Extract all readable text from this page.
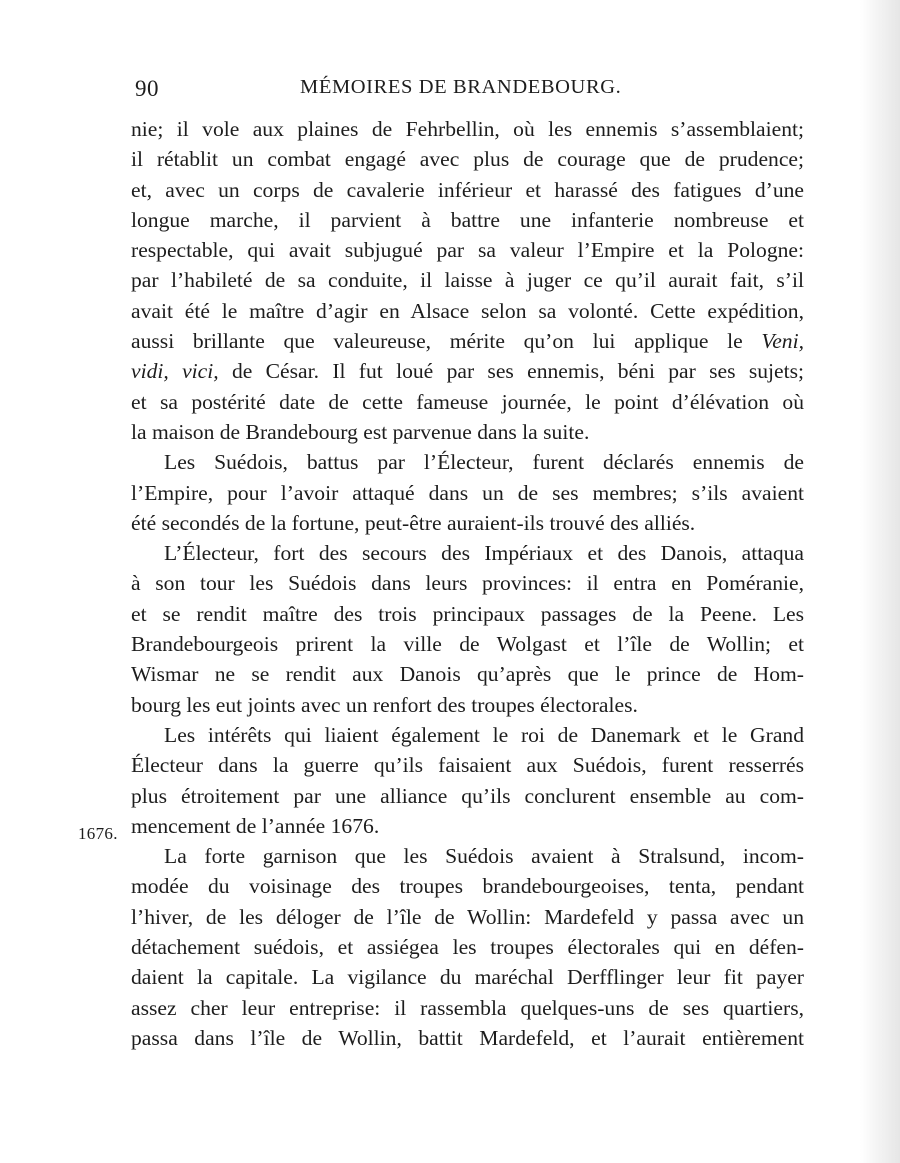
90	MÉMOIRES DE BRANDEBOURG.
1676.
nie; il vole aux plaines de Fehrbellin, où les ennemis s’assemblaient;
il rétablit un combat engagé avec plus de courage que de prudence;
et, avec un corps de cavalerie inférieur et harassé des fatigues d’une
longue marche, il parvient à battre une infanterie nombreuse et
respectable, qui avait subjugué par sa valeur l’Empire et la Pologne:
par l’habileté de sa conduite, il laisse à juger ce qu’il aurait fait, s’il
avait été le maître d’agir en Alsace selon sa volonté. Cette expédition,
aussi brillante que valeureuse, mérite qu’on lui applique le Veni,
vidi, vici, de César. Il fut loué par ses ennemis, béni par ses sujets;
et sa postérité date de cette fameuse journée, le point d’élévation où
la maison de Brandebourg est parvenue dans la suite.
Les Suédois, battus par l’Électeur, furent déclarés ennemis de
l’Empire, pour l’avoir attaqué dans un de ses membres; s’ils avaient
été secondés de la fortune, peut-être auraient-ils trouvé des alliés.
L’Électeur, fort des secours des Impériaux et des Danois, attaqua
à son tour les Suédois dans leurs provinces: il entra en Poméranie,
et se rendit maître des trois principaux passages de la Peene. Les
Brandebourgeois prirent la ville de Wolgast et l’île de Wollin; et
Wismar ne se rendit aux Danois qu’après que le prince de Hom-
bourg les eut joints avec un renfort des troupes électorales.
Les intérêts qui liaient également le roi de Danemark et le Grand
Électeur dans la guerre qu’ils faisaient aux Suédois, furent resserrés
plus étroitement par une alliance qu’ils conclurent ensemble au com-
mencement de l’année 1676.
La forte garnison que les Suédois avaient à Stralsund, incom-
modée du voisinage des troupes brandebourgeoises, tenta, pendant
l’hiver, de les déloger de l’île de Wollin: Mardefeld y passa avec un
détachement suédois, et assiégea les troupes électorales qui en défen-
daient la capitale. La vigilance du maréchal Derfflinger leur fit payer
assez cher leur entreprise: il rassembla quelques-uns de ses quartiers,
passa dans l’île de Wollin, battit Mardefeld, et l’aurait entièrement
